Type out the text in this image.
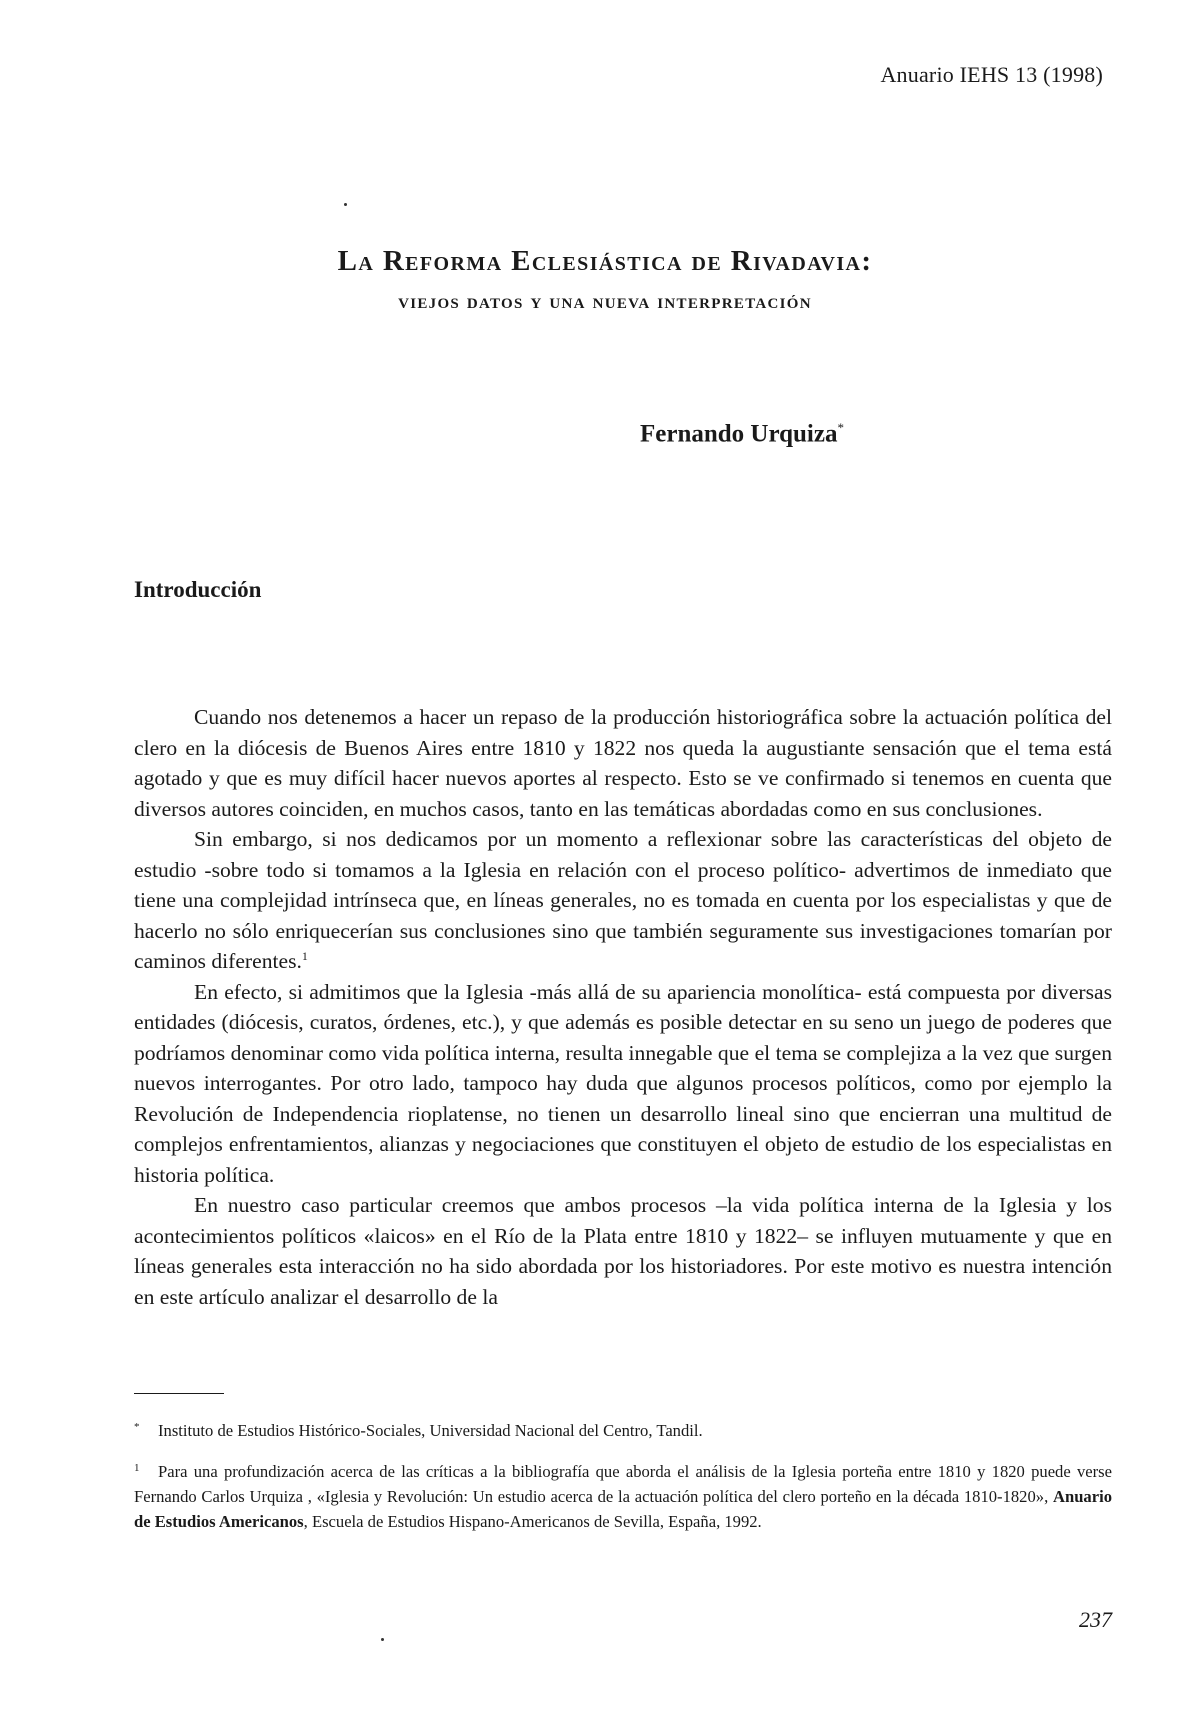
Anuario IEHS 13 (1998)
La Reforma Eclesiástica de Rivadavia:
viejos datos y una nueva interpretación
Fernando Urquiza*
Introducción

Cuando nos detenemos a hacer un repaso de la producción historiográfica sobre la actuación política del clero en la diócesis de Buenos Aires entre 1810 y 1822 nos queda la augustiante sensación que el tema está agotado y que es muy difícil hacer nuevos aportes al respecto. Esto se ve confirmado si tenemos en cuenta que diversos autores coinciden, en muchos casos, tanto en las temáticas abordadas como en sus conclusiones.

Sin embargo, si nos dedicamos por un momento a reflexionar sobre las características del objeto de estudio -sobre todo si tomamos a la Iglesia en relación con el proceso político- advertimos de inmediato que tiene una complejidad intrínseca que, en líneas generales, no es tomada en cuenta por los especialistas y que de hacerlo no sólo enriquecerían sus conclusiones sino que también seguramente sus investigaciones tomarían por caminos diferentes.$^1$

En efecto, si admitimos que la Iglesia -más allá de su apariencia monolítica- está compuesta por diversas entidades (diócesis, curatos, órdenes, etc.), y que además es posible detectar en su seno un juego de poderes que podríamos denominar como vida política interna, resulta innegable que el tema se complejiza a la vez que surgen nuevos interrogantes. Por otro lado, tampoco hay duda que algunos procesos políticos, como por ejemplo la Revolución de Independencia rioplatense, no tienen un desarrollo lineal sino que encierran una multitud de complejos enfrentamientos, alianzas y negociaciones que constituyen el objeto de estudio de los especialistas en historia política.

En nuestro caso particular creemos que ambos procesos –la vida política interna de la Iglesia y los acontecimientos políticos «laicos» en el Río de la Plata entre 1810 y 1822– se influyen mutuamente y que en líneas generales esta interacción no ha sido abordada por los historiadores. Por este motivo es nuestra intención en este artículo analizar el desarrollo de la

* Instituto de Estudios Histórico-Sociales, Universidad Nacional del Centro, Tandil.

1 Para una profundización acerca de las críticas a la bibliografía que aborda el análisis de la Iglesia porteña entre 1810 y 1820 puede verse Fernando Carlos Urquiza , «Iglesia y Revolución: Un estudio acerca de la actuación política del clero porteño en la década 1810-1820», Anuario de Estudios Americanos, Escuela de Estudios Hispano-Americanos de Sevilla, España, 1992.

237
